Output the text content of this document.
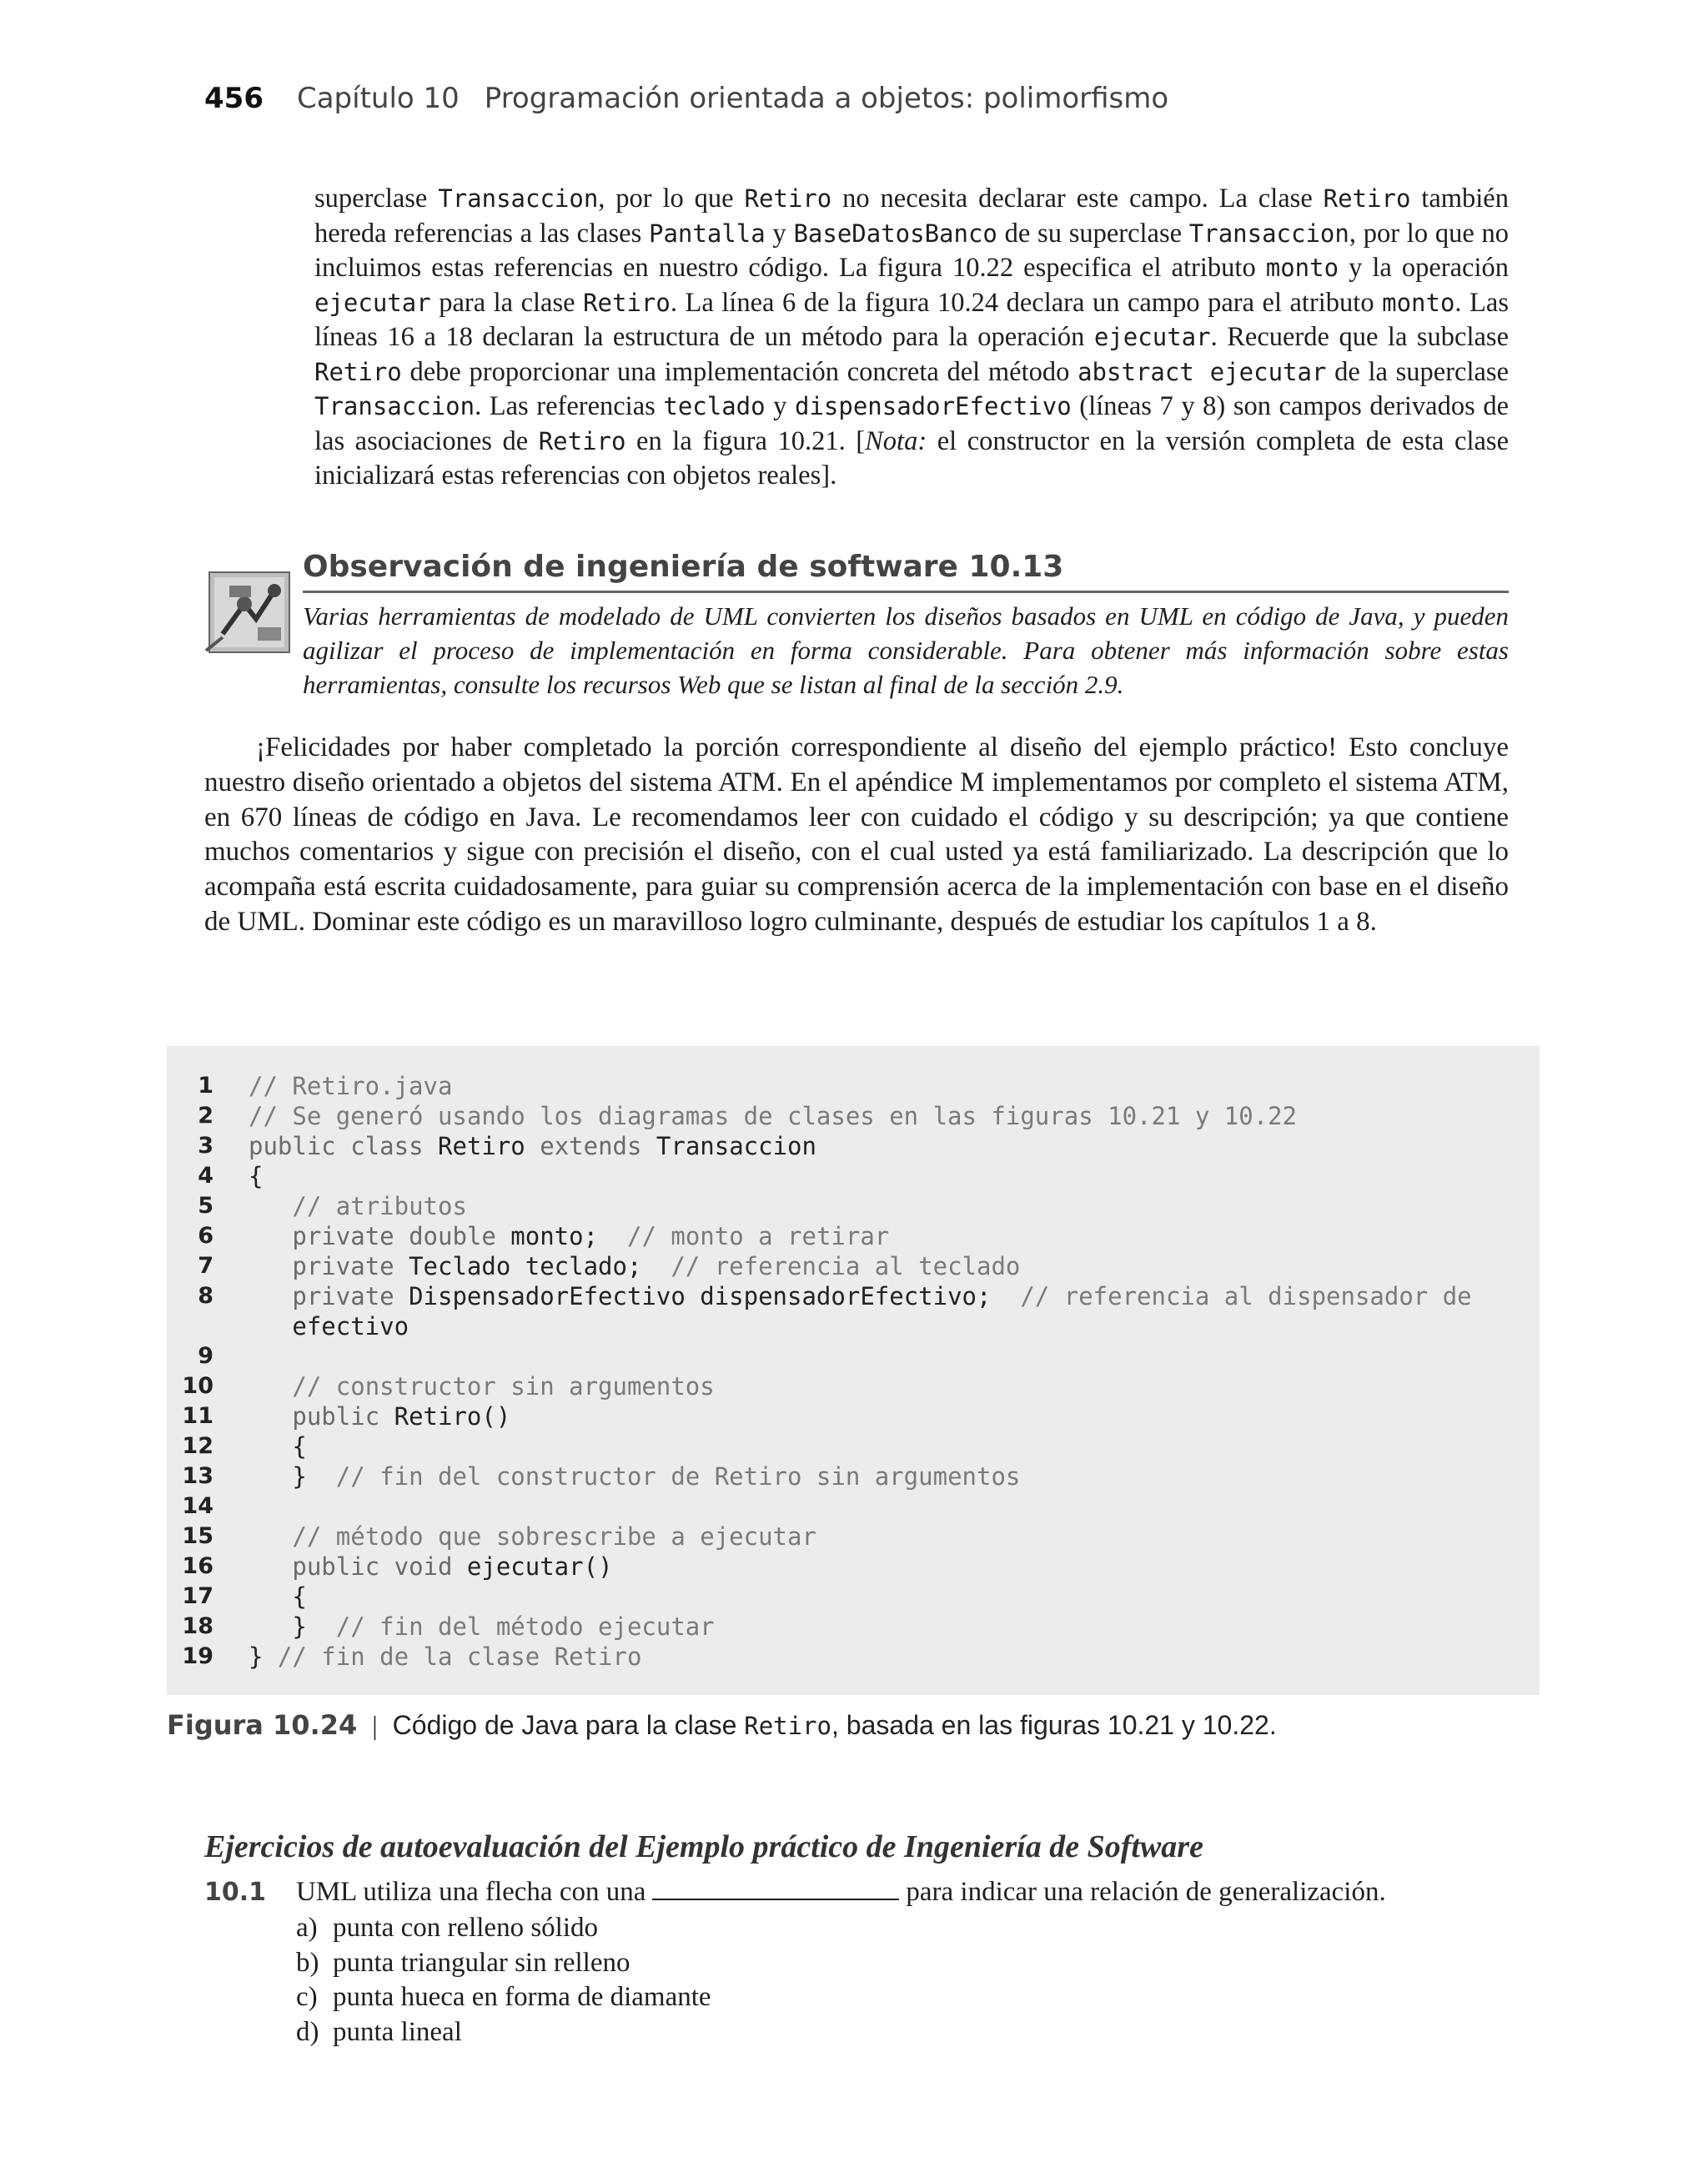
456 Capítulo 10 Programación orientada a objetos: polimorfismo

superclase Transaccion, por lo que Retiro no necesita declarar este campo. La clase Retiro también hereda referencias a las clases Pantalla y BaseDatosBanco de su superclase Transaccion, por lo que no incluimos estas referencias en nuestro código. La figura 10.22 especifica el atributo monto y la operación ejecutar para la clase Retiro. La línea 6 de la figura 10.24 declara un campo para el atributo monto. Las líneas 16 a 18 declaran la estructura de un método para la operación ejecutar. Recuerde que la subclase Retiro debe proporcionar una implementación concreta del método abstract ejecutar de la superclase Transaccion. Las referencias teclado y dispensadorEfectivo (líneas 7 y 8) son campos derivados de las asociaciones de Retiro en la figura 10.21. [Nota: el constructor en la versión completa de esta clase inicializará estas referencias con objetos reales].

Observación de ingeniería de software 10.13

Varias herramientas de modelado de UML convierten los diseños basados en UML en código de Java, y pueden agilizar el proceso de implementación en forma considerable. Para obtener más información sobre estas herramientas, consulte los recursos Web que se listan al final de la sección 2.9.

¡Felicidades por haber completado la porción correspondiente al diseño del ejemplo práctico! Esto concluye nuestro diseño orientado a objetos del sistema ATM. En el apéndice M implementamos por completo el sistema ATM, en 670 líneas de código en Java. Le recomendamos leer con cuidado el código y su descripción; ya que contiene muchos comentarios y sigue con precisión el diseño, con el cual usted ya está familiarizado. La descripción que lo acompaña está escrita cuidadosamente, para guiar su comprensión acerca de la implementación con base en el diseño de UML. Dominar este código es un maravilloso logro culminante, después de estudiar los capítulos 1 a 8.

1 // Retiro.java
2 // Se generó usando los diagramas de clases en las figuras 10.21 y 10.22
3 public class Retiro extends Transaccion
4 {
5	// atributos
6	private double monto;  // monto a retirar
7	private Teclado teclado;  // referencia al teclado
8	private DispensadorEfectivo dispensadorEfectivo;  // referencia al dispensador de
efectivo
9
10	// constructor sin argumentos
11	public Retiro()
12 {
13 }  // fin del constructor de Retiro sin argumentos
14
15	// método que sobrescribe a ejecutar
16	public void ejecutar()
17 {
18 }  // fin del método ejecutar
19 } // fin de la clase Retiro
Figura 10.24 | Código de Java para la clase Retiro, basada en las figuras 10.21 y 10.22.
Ejercicios de autoevaluación del Ejemplo práctico de Ingeniería de Software
10.1 UML utiliza una flecha con una	para indicar una relación de generalización.
a) punta con relleno sólido
b) punta triangular sin relleno
c) punta hueca en forma de diamante
d) punta lineal
